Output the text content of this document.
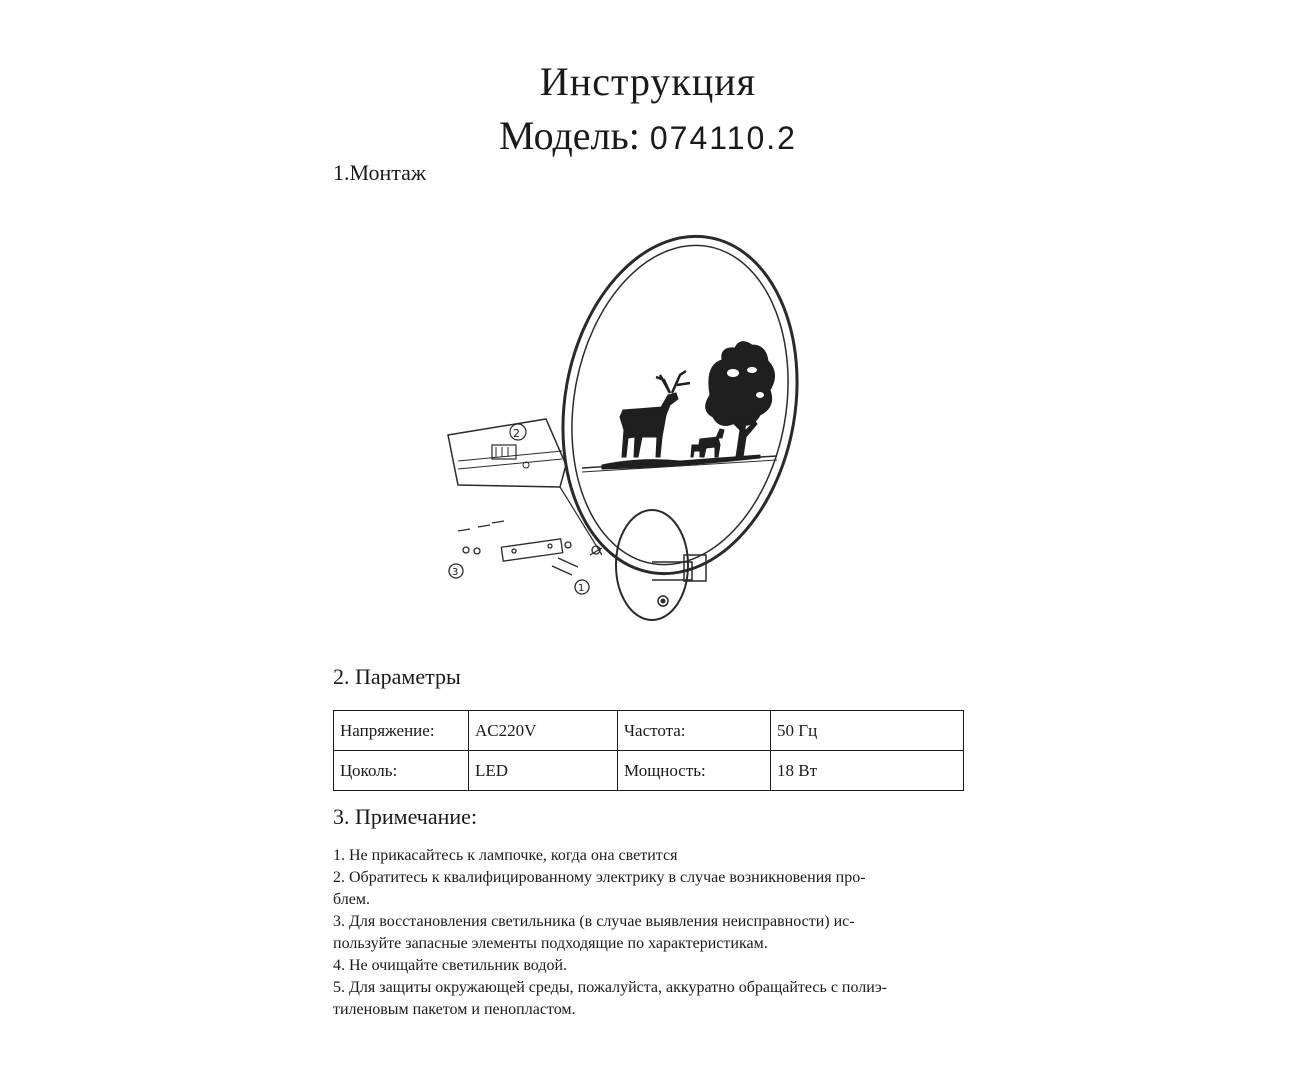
Инструкция
Модель: 074110.2
1.Монтаж
2
3
1
2. Параметры
Напряжение:	AC220V	Частота:	50 Гц
Цоколь:	LED	Мощность:	18 Вт
3. Примечание:

1. Не прикасайтесь к лампочке, когда она светится

2. Обратитесь к квалифицированному электрику в случае возникновения про-

блем.

3. Для восстановления светильника (в случае выявления неисправности) ис-

пользуйте запасные элементы подходящие по характеристикам.

4. Не очищайте светильник водой.

5. Для защиты окружающей среды, пожалуйста, аккуратно обращайтесь с полиэ-

тиленовым пакетом и пенопластом.
